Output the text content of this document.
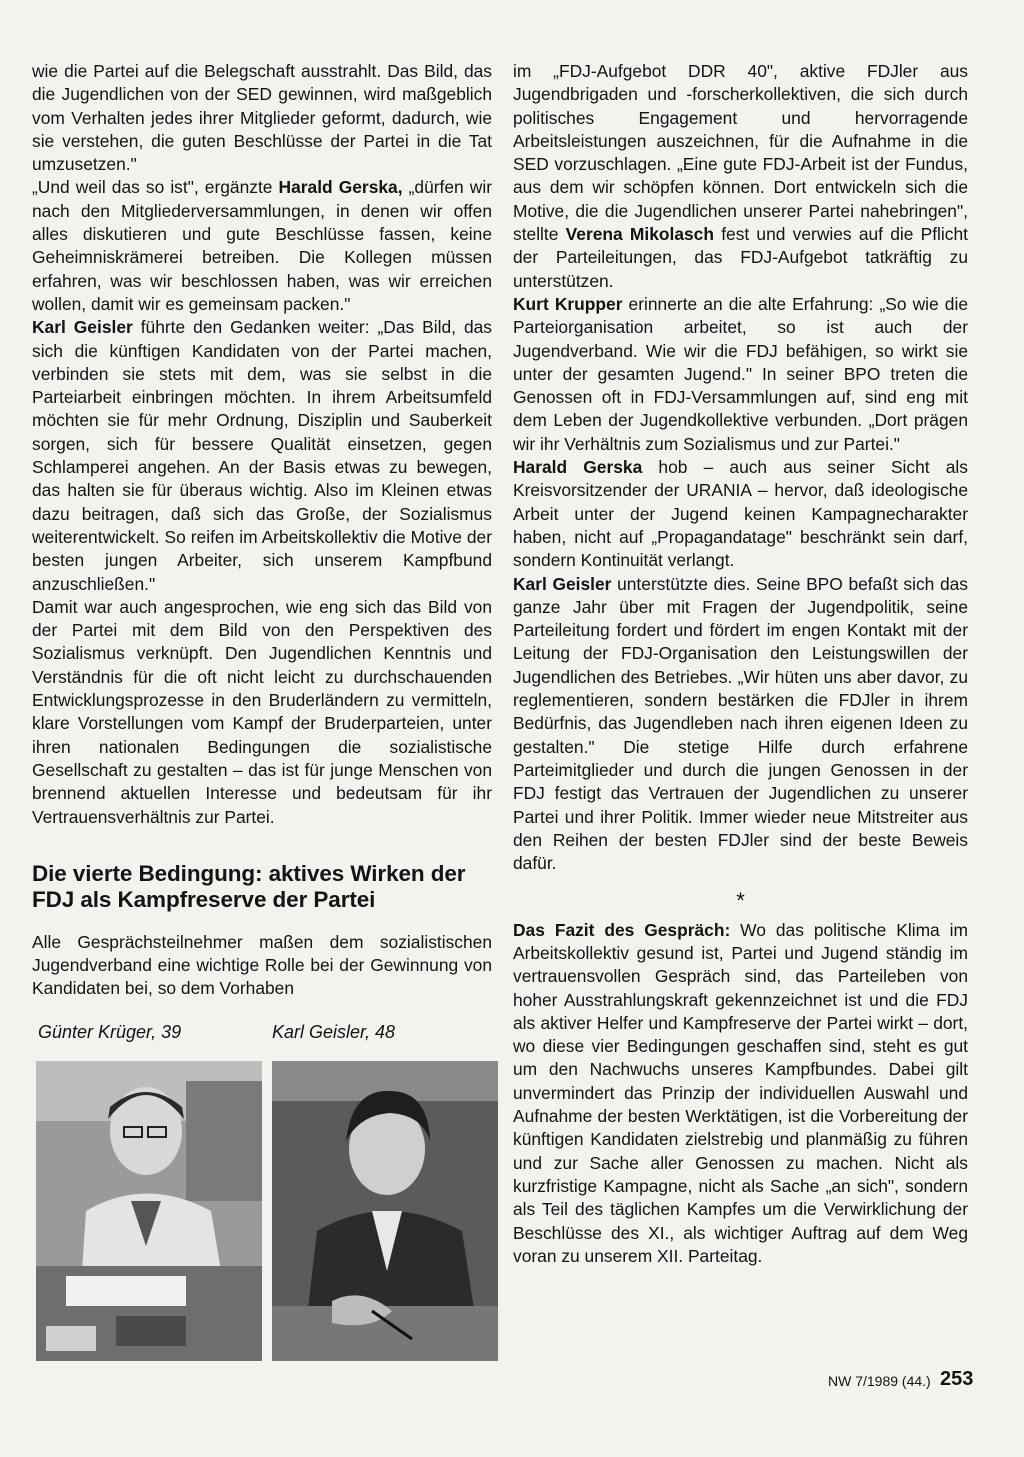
wie die Partei auf die Belegschaft ausstrahlt. Das Bild, das die Jugendlichen von der SED gewinnen, wird maßgeblich vom Verhalten jedes ihrer Mitglieder geformt, dadurch, wie sie verstehen, die guten Beschlüsse der Partei in die Tat umzusetzen."

„Und weil das so ist", ergänzte Harald Gerska, „dürfen wir nach den Mitgliederversammlungen, in denen wir offen alles diskutieren und gute Beschlüsse fassen, keine Geheimniskrämerei betreiben. Die Kollegen müssen erfahren, was wir beschlossen haben, was wir erreichen wollen, damit wir es gemeinsam packen."

Karl Geisler führte den Gedanken weiter: „Das Bild, das sich die künftigen Kandidaten von der Partei machen, verbinden sie stets mit dem, was sie selbst in die Parteiarbeit einbringen möchten. In ihrem Arbeitsumfeld möchten sie für mehr Ordnung, Disziplin und Sauberkeit sorgen, sich für bessere Qualität einsetzen, gegen Schlamperei angehen. An der Basis etwas zu bewegen, das halten sie für überaus wichtig. Also im Kleinen etwas dazu beitragen, daß sich das Große, der Sozialismus weiterentwickelt. So reifen im Arbeitskollektiv die Motive der besten jungen Arbeiter, sich unserem Kampfbund anzuschließen."

Damit war auch angesprochen, wie eng sich das Bild von der Partei mit dem Bild von den Perspektiven des Sozialismus verknüpft. Den Jugendlichen Kenntnis und Verständnis für die oft nicht leicht zu durchschauenden Entwicklungsprozesse in den Bruderländern zu vermitteln, klare Vorstellungen vom Kampf der Bruderparteien, unter ihren nationalen Bedingungen die sozialistische Gesellschaft zu gestalten – das ist für junge Menschen von brennend aktuellen Interesse und bedeutsam für ihr Vertrauensverhältnis zur Partei.

Die vierte Bedingung: aktives Wirken der FDJ als Kampfreserve der Partei

Alle Gesprächsteilnehmer maßen dem sozialistischen Jugendverband eine wichtige Rolle bei der Gewinnung von Kandidaten bei, so dem Vorhaben

Günter Krüger, 39	Karl Geisler, 48

im „FDJ-Aufgebot DDR 40", aktive FDJler aus Jugendbrigaden und -forscherkollektiven, die sich durch politisches Engagement und hervorragende Arbeitsleistungen auszeichnen, für die Aufnahme in die SED vorzuschlagen. „Eine gute FDJ-Arbeit ist der Fundus, aus dem wir schöpfen können. Dort entwickeln sich die Motive, die die Jugendlichen unserer Partei nahebringen", stellte Verena Mikolasch fest und verwies auf die Pflicht der Parteileitungen, das FDJ-Aufgebot tatkräftig zu unterstützen.

Kurt Krupper erinnerte an die alte Erfahrung: „So wie die Parteiorganisation arbeitet, so ist auch der Jugendverband. Wie wir die FDJ befähigen, so wirkt sie unter der gesamten Jugend." In seiner BPO treten die Genossen oft in FDJ-Versammlungen auf, sind eng mit dem Leben der Jugendkollektive verbunden. „Dort prägen wir ihr Verhältnis zum Sozialismus und zur Partei."

Harald Gerska hob – auch aus seiner Sicht als Kreisvorsitzender der URANIA – hervor, daß ideologische Arbeit unter der Jugend keinen Kampagnecharakter haben, nicht auf „Propagandatage" beschränkt sein darf, sondern Kontinuität verlangt.

Karl Geisler unterstützte dies. Seine BPO befaßt sich das ganze Jahr über mit Fragen der Jugendpolitik, seine Parteileitung fordert und fördert im engen Kontakt mit der Leitung der FDJ-Organisation den Leistungswillen der Jugendlichen des Betriebes. „Wir hüten uns aber davor, zu reglementieren, sondern bestärken die FDJler in ihrem Bedürfnis, das Jugendleben nach ihren eigenen Ideen zu gestalten." Die stetige Hilfe durch erfahrene Parteimitglieder und durch die jungen Genossen in der FDJ festigt das Vertrauen der Jugendlichen zu unserer Partei und ihrer Politik. Immer wieder neue Mitstreiter aus den Reihen der besten FDJler sind der beste Beweis dafür.

*

Das Fazit des Gespräch: Wo das politische Klima im Arbeitskollektiv gesund ist, Partei und Jugend ständig im vertrauensvollen Gespräch sind, das Parteileben von hoher Ausstrahlungskraft gekennzeichnet ist und die FDJ als aktiver Helfer und Kampfreserve der Partei wirkt – dort, wo diese vier Bedingungen geschaffen sind, steht es gut um den Nachwuchs unseres Kampfbundes. Dabei gilt unvermindert das Prinzip der individuellen Auswahl und Aufnahme der besten Werktätigen, ist die Vorbereitung der künftigen Kandidaten zielstrebig und planmäßig zu führen und zur Sache aller Genossen zu machen. Nicht als kurzfristige Kampagne, nicht als Sache „an sich", sondern als Teil des täglichen Kampfes um die Verwirklichung der Beschlüsse des XI., als wichtiger Auftrag auf dem Weg voran zu unserem XII. Parteitag.

NW 7/1989 (44.) 253
